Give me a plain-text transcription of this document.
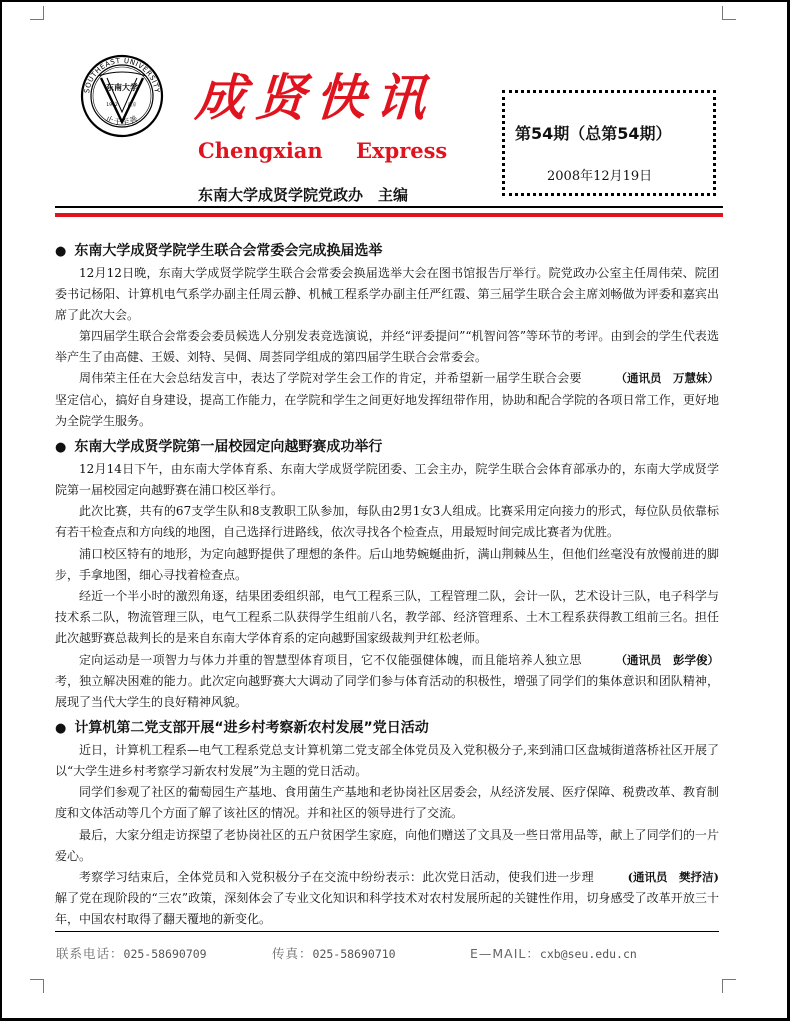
东南大学
1902 南京
SOUTHEAST UNIVERSITY
止于至善 成贤快讯
Chengxian Express
东南大学成贤学院党政办　主编
第54期（总第54期）
2008年12月19日
● 东南大学成贤学院学生联合会常委会完成换届选举

12月12日晚，东南大学成贤学院学生联合会常委会换届选举大会在图书馆报告厅举行。院党政办公室主任周伟荣、院团委书记杨阳、计算机电气系学办副主任周云静、机械工程系学办副主任严红霞、第三届学生联合会主席刘畅做为评委和嘉宾出席了此次大会。

第四届学生联合会常委会委员候选人分别发表竞选演说，并经“评委提问”“机智问答”等环节的考评。由到会的学生代表选举产生了由高健、王媛、刘特、吴倜、周荟同学组成的第四届学生联合会常委会。

（通讯员　万慧妹）
周伟荣主任在大会总结发言中，表达了学院对学生会工作的肯定，并希望新一届学生联合会要坚定信心，搞好自身建设，提高工作能力，在学院和学生之间更好地发挥纽带作用，协助和配合学院的各项日常工作，更好地为全院学生服务。

● 东南大学成贤学院第一届校园定向越野赛成功举行

12月14日下午，由东南大学体育系、东南大学成贤学院团委、工会主办，院学生联合会体育部承办的，东南大学成贤学院第一届校园定向越野赛在浦口校区举行。

此次比赛，共有的67支学生队和8支教职工队参加，每队由2男1女3人组成。比赛采用定向接力的形式，每位队员依靠标有若干检查点和方向线的地图，自己选择行进路线，依次寻找各个检查点，用最短时间完成比赛者为优胜。

浦口校区特有的地形，为定向越野提供了理想的条件。后山地势蜿蜒曲折，满山荆棘丛生，但他们丝毫没有放慢前进的脚步，手拿地图，细心寻找着检查点。

经近一个半小时的激烈角逐，结果团委组织部，电气工程系三队，工程管理二队，会计一队，艺术设计三队，电子科学与技术系二队，物流管理三队，电气工程系二队获得学生组前八名，教学部、经济管理系、土木工程系获得教工组前三名。担任此次越野赛总裁判长的是来自东南大学体育系的定向越野国家级裁判尹红松老师。

（通讯员　彭学俊）
定向运动是一项智力与体力并重的智慧型体育项目，它不仅能强健体魄，而且能培养人独立思考，独立解决困难的能力。此次定向越野赛大大调动了同学们参与体育活动的积极性，增强了同学们的集体意识和团队精神，展现了当代大学生的良好精神风貌。

● 计算机第二党支部开展“进乡村考察新农村发展”党日活动

近日，计算机工程系—电气工程系党总支计算机第二党支部全体党员及入党积极分子,来到浦口区盘城街道落桥社区开展了以“大学生进乡村考察学习新农村发展”为主题的党日活动。

同学们参观了社区的葡萄园生产基地、食用菌生产基地和老协岗社区居委会，从经济发展、医疗保障、税费改革、教育制度和文体活动等几个方面了解了该社区的情况。并和社区的领导进行了交流。

最后，大家分组走访探望了老协岗社区的五户贫困学生家庭，向他们赠送了文具及一些日常用品等，献上了同学们的一片爱心。

(通讯员　樊抒洁)
考察学习结束后，全体党员和入党积极分子在交流中纷纷表示：此次党日活动，使我们进一步理解了党在现阶段的“三农”政策，深刻体会了专业文化知识和科学技术对农村发展所起的关键性作用，切身感受了改革开放三十年，中国农村取得了翻天覆地的新变化。

联系电话：025-58690709	传真：025-58690710	E—MAIL：cxb@seu.edu.cn
